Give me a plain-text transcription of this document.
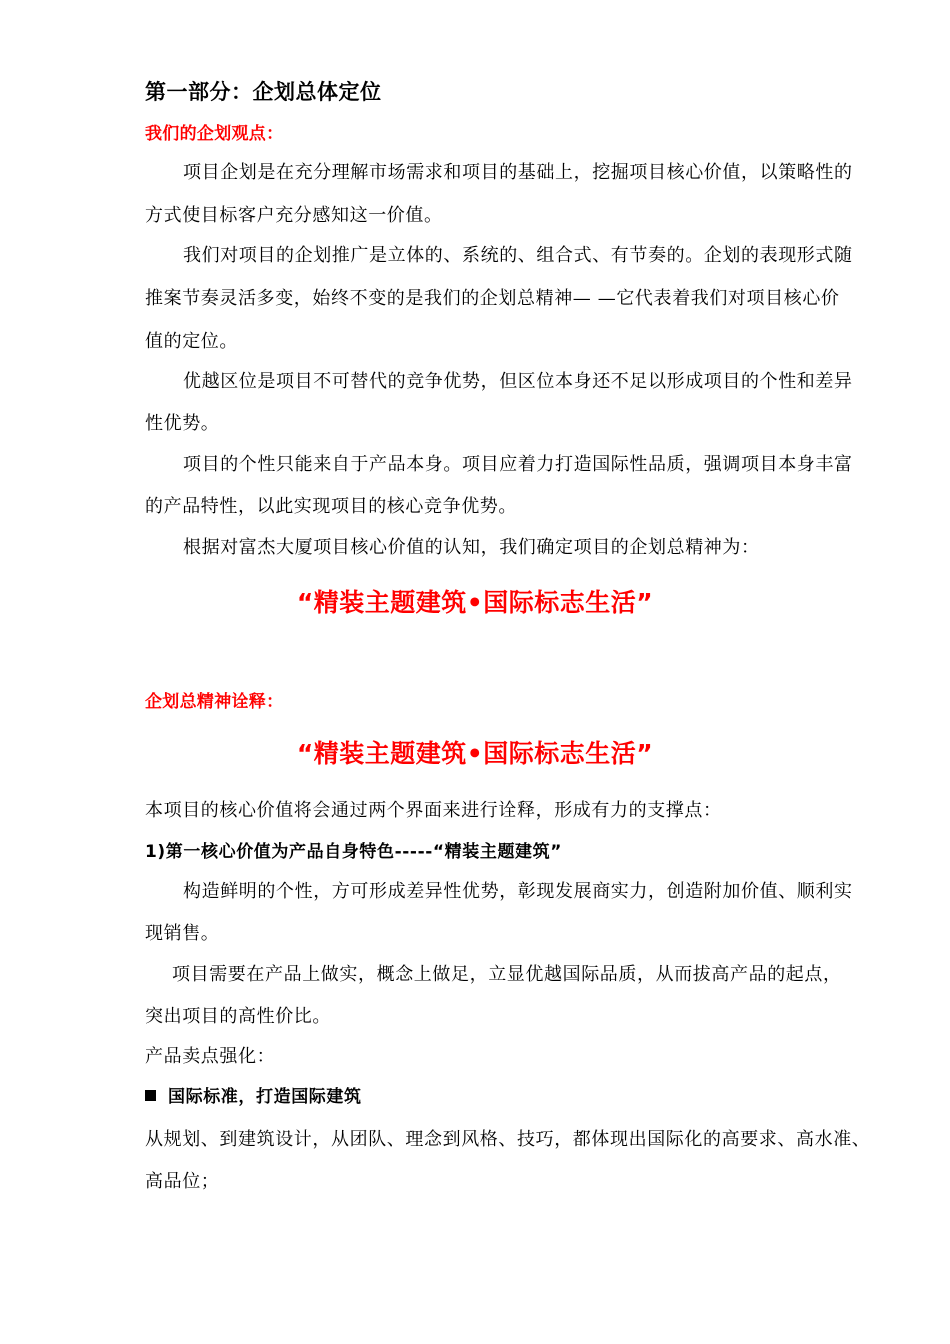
第一部分：企划总体定位
我们的企划观点：
项目企划是在充分理解市场需求和项目的基础上，挖掘项目核心价值，以策略性的
方式使目标客户充分感知这一价值。
我们对项目的企划推广是立体的、系统的、组合式、有节奏的。企划的表现形式随
推案节奏灵活多变，始终不变的是我们的企划总精神— —它代表着我们对项目核心价
值的定位。
优越区位是项目不可替代的竞争优势，但区位本身还不足以形成项目的个性和差异
性优势。
项目的个性只能来自于产品本身。项目应着力打造国际性品质，强调项目本身丰富
的产品特性，以此实现项目的核心竞争优势。
根据对富杰大厦项目核心价值的认知，我们确定项目的企划总精神为：
“精装主题建筑•国际标志生活”
企划总精神诠释：
“精装主题建筑•国际标志生活”
本项目的核心价值将会通过两个界面来进行诠释，形成有力的支撑点：
1)第一核心价值为产品自身特色-----“精装主题建筑”
构造鲜明的个性，方可形成差异性优势，彰现发展商实力，创造附加价值、顺利实
现销售。
项目需要在产品上做实，概念上做足，立显优越国际品质，从而拔高产品的起点，
突出项目的高性价比。
产品卖点强化：
国际标准，打造国际建筑
从规划、到建筑设计，从团队、理念到风格、技巧，都体现出国际化的高要求、高水准、
高品位；
